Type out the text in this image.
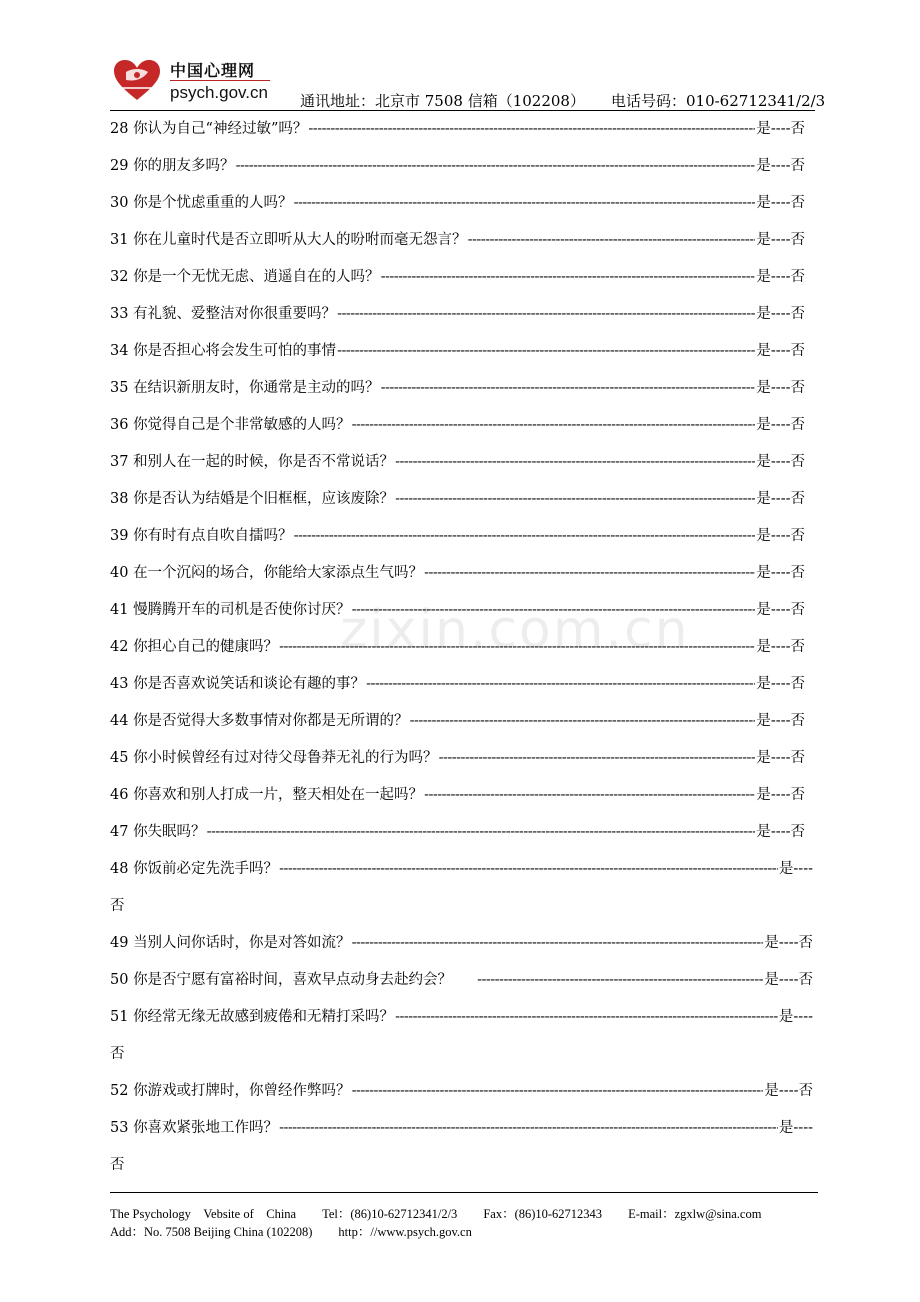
中国心理网
psych.gov.cn 通讯地址：北京市 7508 信箱（102208） 电话号码：010-62712341/2/3
28 你认为自己“神经过敏”吗？ -----	是----否
29 你的朋友多吗？ -----	是----否
30 你是个忧虑重重的人吗？ -----	是----否
31 你在儿童时代是否立即听从大人的吩咐而毫无怨言？ -----	是----否
32 你是一个无忧无虑、逍遥自在的人吗？ -----	是----否
33 有礼貌、爱整洁对你很重要吗？ -----	是----否
34 你是否担心将会发生可怕的事情 -----	是----否
35 在结识新朋友时，你通常是主动的吗？ -----	是----否
36 你觉得自己是个非常敏感的人吗？ -----	是----否
37 和别人在一起的时候，你是否不常说话？ -----	是----否
38 你是否认为结婚是个旧框框，应该废除？ -----	是----否
39 你有时有点自吹自擂吗？ -----	是----否
40 在一个沉闷的场合，你能给大家添点生气吗？ -----	是----否
41 慢腾腾开车的司机是否使你讨厌？ -----	是----否
42 你担心自己的健康吗？ -----	是----否
43 你是否喜欢说笑话和谈论有趣的事？ -----	是----否
44 你是否觉得大多数事情对你都是无所谓的？ -----	是----否
45 你小时候曾经有过对待父母鲁莽无礼的行为吗？ -----	是----否
46 你喜欢和别人打成一片，整天相处在一起吗？ -----	是----否
47 你失眠吗？ -----	是----否
48 你饭前必定先洗手吗？ -----	是----
否
49 当别人问你话时，你是对答如流？ -----	是----否
50 你是否宁愿有富裕时间，喜欢早点动身去赴约会？ -----	是----否
51 你经常无缘无故感到疲倦和无精打采吗？ -----	是----
否
52 你游戏或打牌时，你曾经作弊吗？ -----	是----否
53 你喜欢紧张地工作吗？ -----	是----
否
zixin.com.cn
The Psychology　Vebsite of　China Tel：(86)10-62712341/2/3 Fax：(86)10-62712343 E-mail：zgxlw@sina.com
Add：No. 7508 Beijing China (102208) http：//www.psych.gov.cn
